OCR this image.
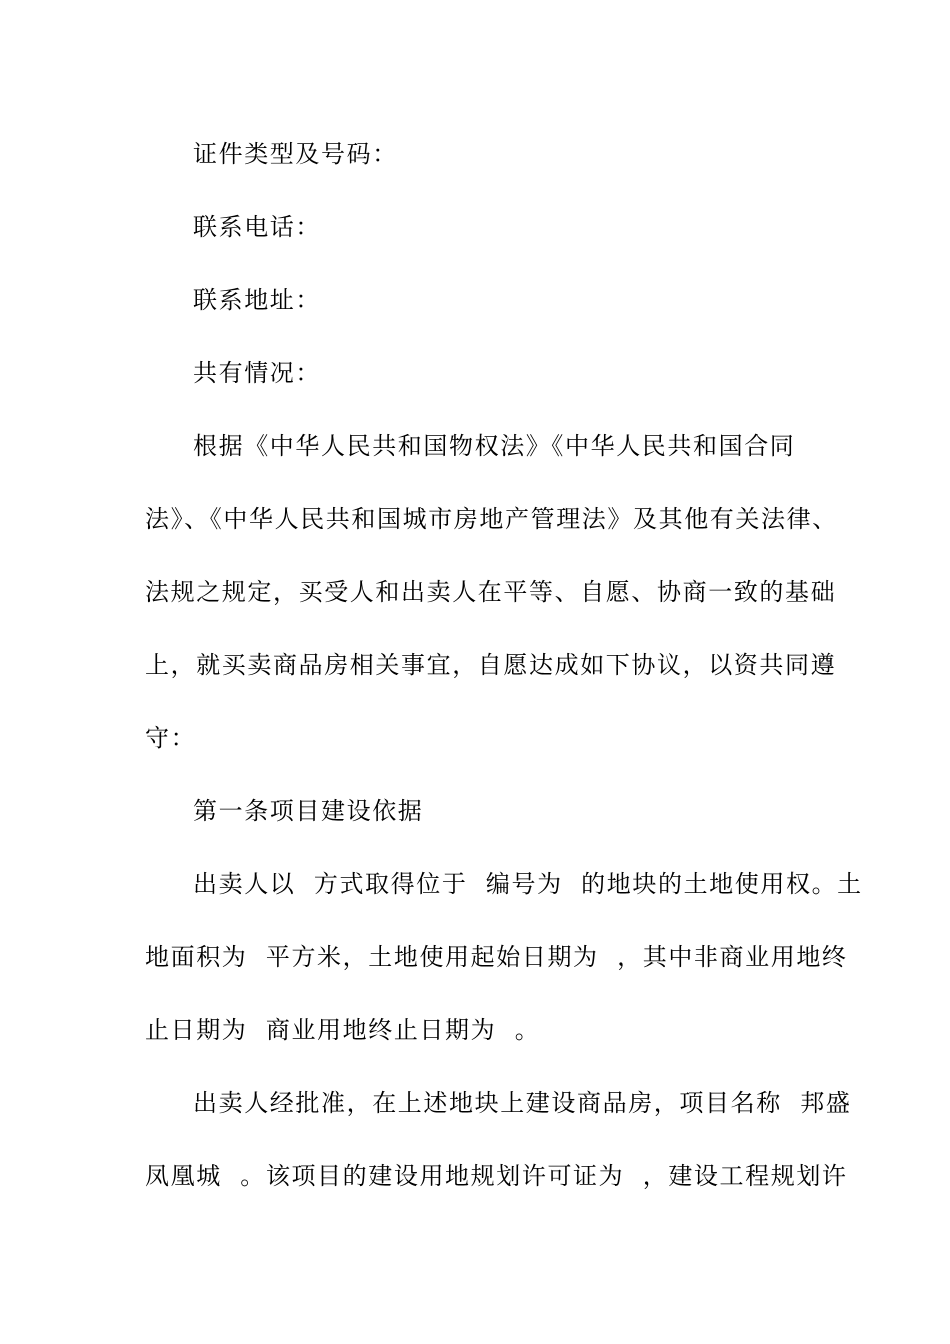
证件类型及号码：
联系电话：
联系地址：
共有情况：
根据《中华人民共和国物权法》《中华人民共和国合同
法》、《中华人民共和国城市房地产管理法》及其他有关法律、
法规之规定，买受人和出卖人在平等、自愿、协商一致的基础
上，就买卖商品房相关事宜，自愿达成如下协议，以资共同遵
守：
第一条项目建设依据
出卖人以  方式取得位于  编号为  的地块的土地使用权。土
地面积为  平方米，土地使用起始日期为  ，其中非商业用地终
止日期为  商业用地终止日期为  。
出卖人经批准，在上述地块上建设商品房，项目名称  邦盛
凤凰城  。该项目的建设用地规划许可证为  ，建设工程规划许
